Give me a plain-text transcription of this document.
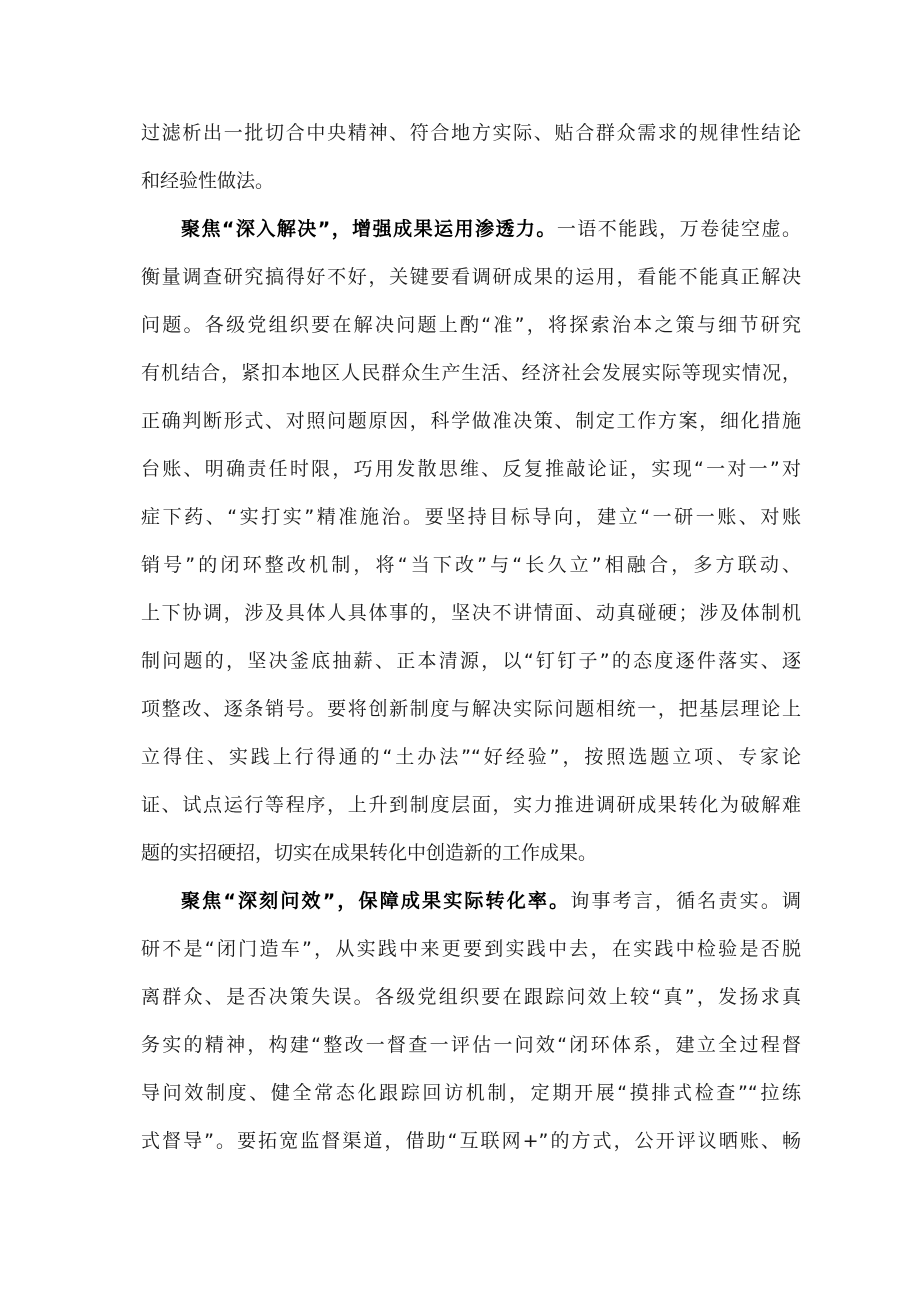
过滤析出一批切合中央精神、符合地方实际、贴合群众需求的规律性结论
和经验性做法。
聚焦“深入解决”，增强成果运用渗透力。一语不能践，万卷徒空虚。
衡量调查研究搞得好不好，关键要看调研成果的运用，看能不能真正解决
问题。各级党组织要在解决问题上酌“准”，将探索治本之策与细节研究
有机结合，紧扣本地区人民群众生产生活、经济社会发展实际等现实情况，
正确判断形式、对照问题原因，科学做准决策、制定工作方案，细化措施
台账、明确责任时限，巧用发散思维、反复推敲论证，实现“一对一”对
症下药、“实打实”精准施治。要坚持目标导向，建立“一研一账、对账
销号”的闭环整改机制，将“当下改”与“长久立”相融合，多方联动、
上下协调，涉及具体人具体事的，坚决不讲情面、动真碰硬；涉及体制机
制问题的，坚决釜底抽薪、正本清源，以“钉钉子”的态度逐件落实、逐
项整改、逐条销号。要将创新制度与解决实际问题相统一，把基层理论上
立得住、实践上行得通的“土办法”“好经验”，按照选题立项、专家论
证、试点运行等程序，上升到制度层面，实力推进调研成果转化为破解难
题的实招硬招，切实在成果转化中创造新的工作成果。
聚焦“深刻问效”，保障成果实际转化率。询事考言，循名责实。调
研不是“闭门造车”，从实践中来更要到实践中去，在实践中检验是否脱
离群众、是否决策失误。各级党组织要在跟踪问效上较“真”，发扬求真
务实的精神，构建“整改一督查一评估一问效“闭环体系，建立全过程督
导问效制度、健全常态化跟踪回访机制，定期开展“摸排式检查”“拉练
式督导”。要拓宽监督渠道，借助“互联网+”的方式，公开评议晒账、畅
